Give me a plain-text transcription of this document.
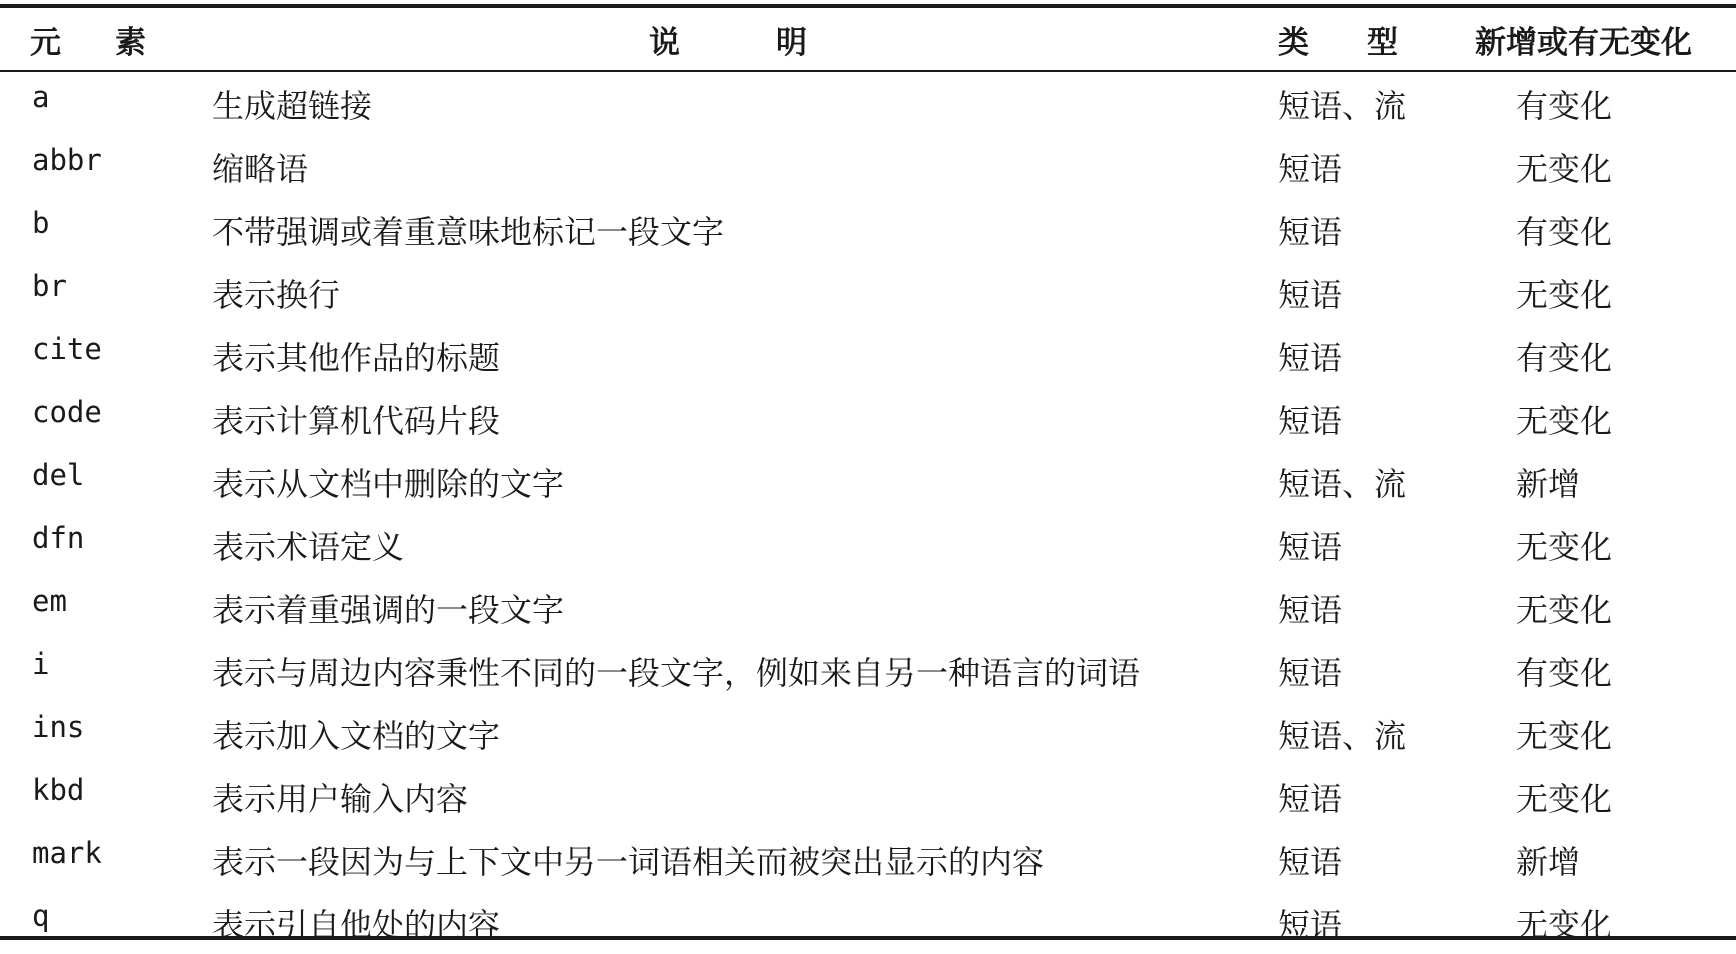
元素	说明	类型	新增或有无变化
a	生成超链接	短语、流	有变化
abbr	缩略语	短语	无变化
b	不带强调或着重意味地标记一段文字	短语	有变化
br	表示换行	短语	无变化
cite	表示其他作品的标题	短语	有变化
code	表示计算机代码片段	短语	无变化
del	表示从文档中删除的文字	短语、流	新增
dfn	表示术语定义	短语	无变化
em	表示着重强调的一段文字	短语	无变化
i	表示与周边内容秉性不同的一段文字，例如来自另一种语言的词语	短语	有变化
ins	表示加入文档的文字	短语、流	无变化
kbd	表示用户输入内容	短语	无变化
mark	表示一段因为与上下文中另一词语相关而被突出显示的内容	短语	新增
q	表示引自他处的内容	短语	无变化
